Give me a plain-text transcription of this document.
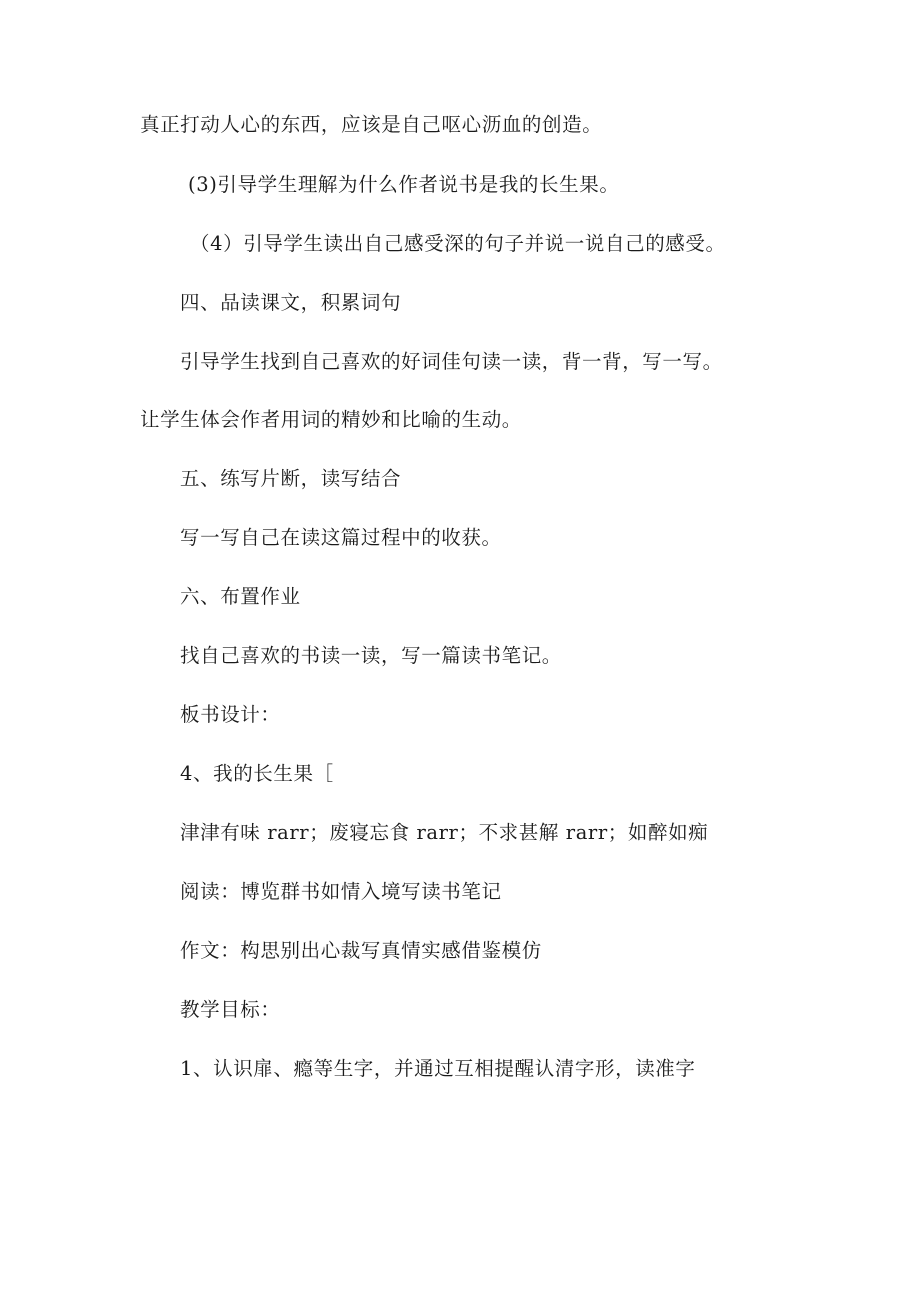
真正打动人心的东西，应该是自己呕心沥血的创造。
(3)引导学生理解为什么作者说书是我的长生果。
（4）引导学生读出自己感受深的句子并说一说自己的感受。
四、品读课文，积累词句
引导学生找到自己喜欢的好词佳句读一读，背一背，写一写。
让学生体会作者用词的精妙和比喻的生动。
五、练写片断，读写结合
写一写自己在读这篇过程中的收获。
六、布置作业
找自己喜欢的书读一读，写一篇读书笔记。
板书设计：
4、我的长生果［
津津有味 rarr；废寝忘食 rarr；不求甚解 rarr；如醉如痴
阅读：博览群书如情入境写读书笔记
作文：构思别出心裁写真情实感借鉴模仿
教学目标：
1、认识扉、瘾等生字，并通过互相提醒认清字形，读准字
